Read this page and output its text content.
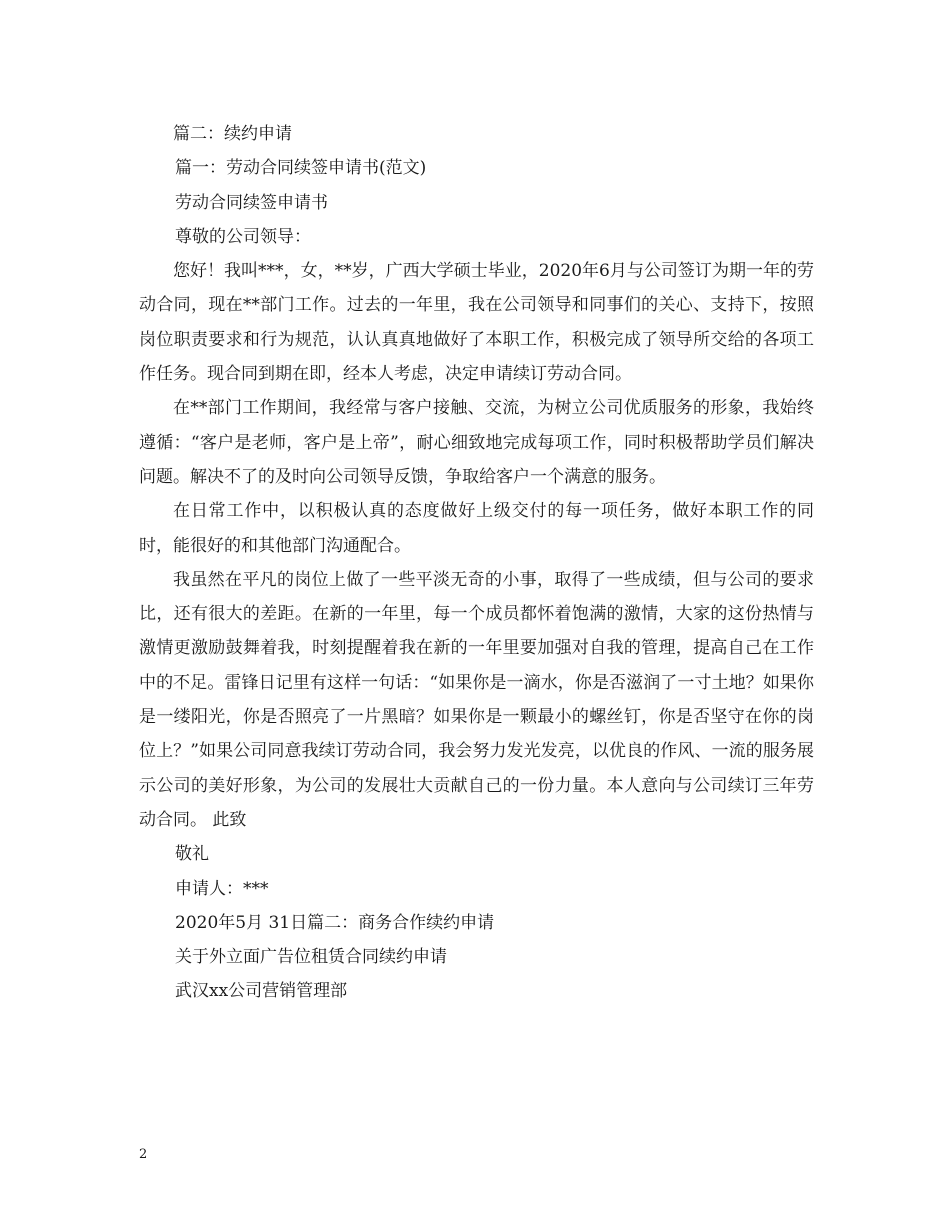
篇二：续约申请

篇一：劳动合同续签申请书(范文)

劳动合同续签申请书

尊敬的公司领导：

您好！我叫***，女，**岁，广西大学硕士毕业，2020年6月与公司签订为期一年的劳动合同，现在**部门工作。过去的一年里，我在公司领导和同事们的关心、支持下，按照岗位职责要求和行为规范，认认真真地做好了本职工作，积极完成了领导所交给的各项工作任务。现合同到期在即，经本人考虑，决定申请续订劳动合同。

在**部门工作期间，我经常与客户接触、交流，为树立公司优质服务的形象，我始终遵循：“客户是老师，客户是上帝”，耐心细致地完成每项工作，同时积极帮助学员们解决问题。解决不了的及时向公司领导反馈，争取给客户一个满意的服务。

在日常工作中，以积极认真的态度做好上级交付的每一项任务，做好本职工作的同时，能很好的和其他部门沟通配合。

我虽然在平凡的岗位上做了一些平淡无奇的小事，取得了一些成绩，但与公司的要求比，还有很大的差距。在新的一年里，每一个成员都怀着饱满的激情，大家的这份热情与激情更激励鼓舞着我，时刻提醒着我在新的一年里要加强对自我的管理，提高自己在工作中的不足。雷锋日记里有这样一句话：“如果你是一滴水，你是否滋润了一寸土地？如果你是一缕阳光，你是否照亮了一片黑暗？如果你是一颗最小的螺丝钉，你是否坚守在你的岗位上？”如果公司同意我续订劳动合同，我会努力发光发亮，以优良的作风、一流的服务展示公司的美好形象，为公司的发展壮大贡献自己的一份力量。本人意向与公司续订三年劳动合同。 此致

敬礼

申请人：***

2020年5月 31日篇二：商务合作续约申请

关于外立面广告位租赁合同续约申请

武汉xx公司营销管理部

2
